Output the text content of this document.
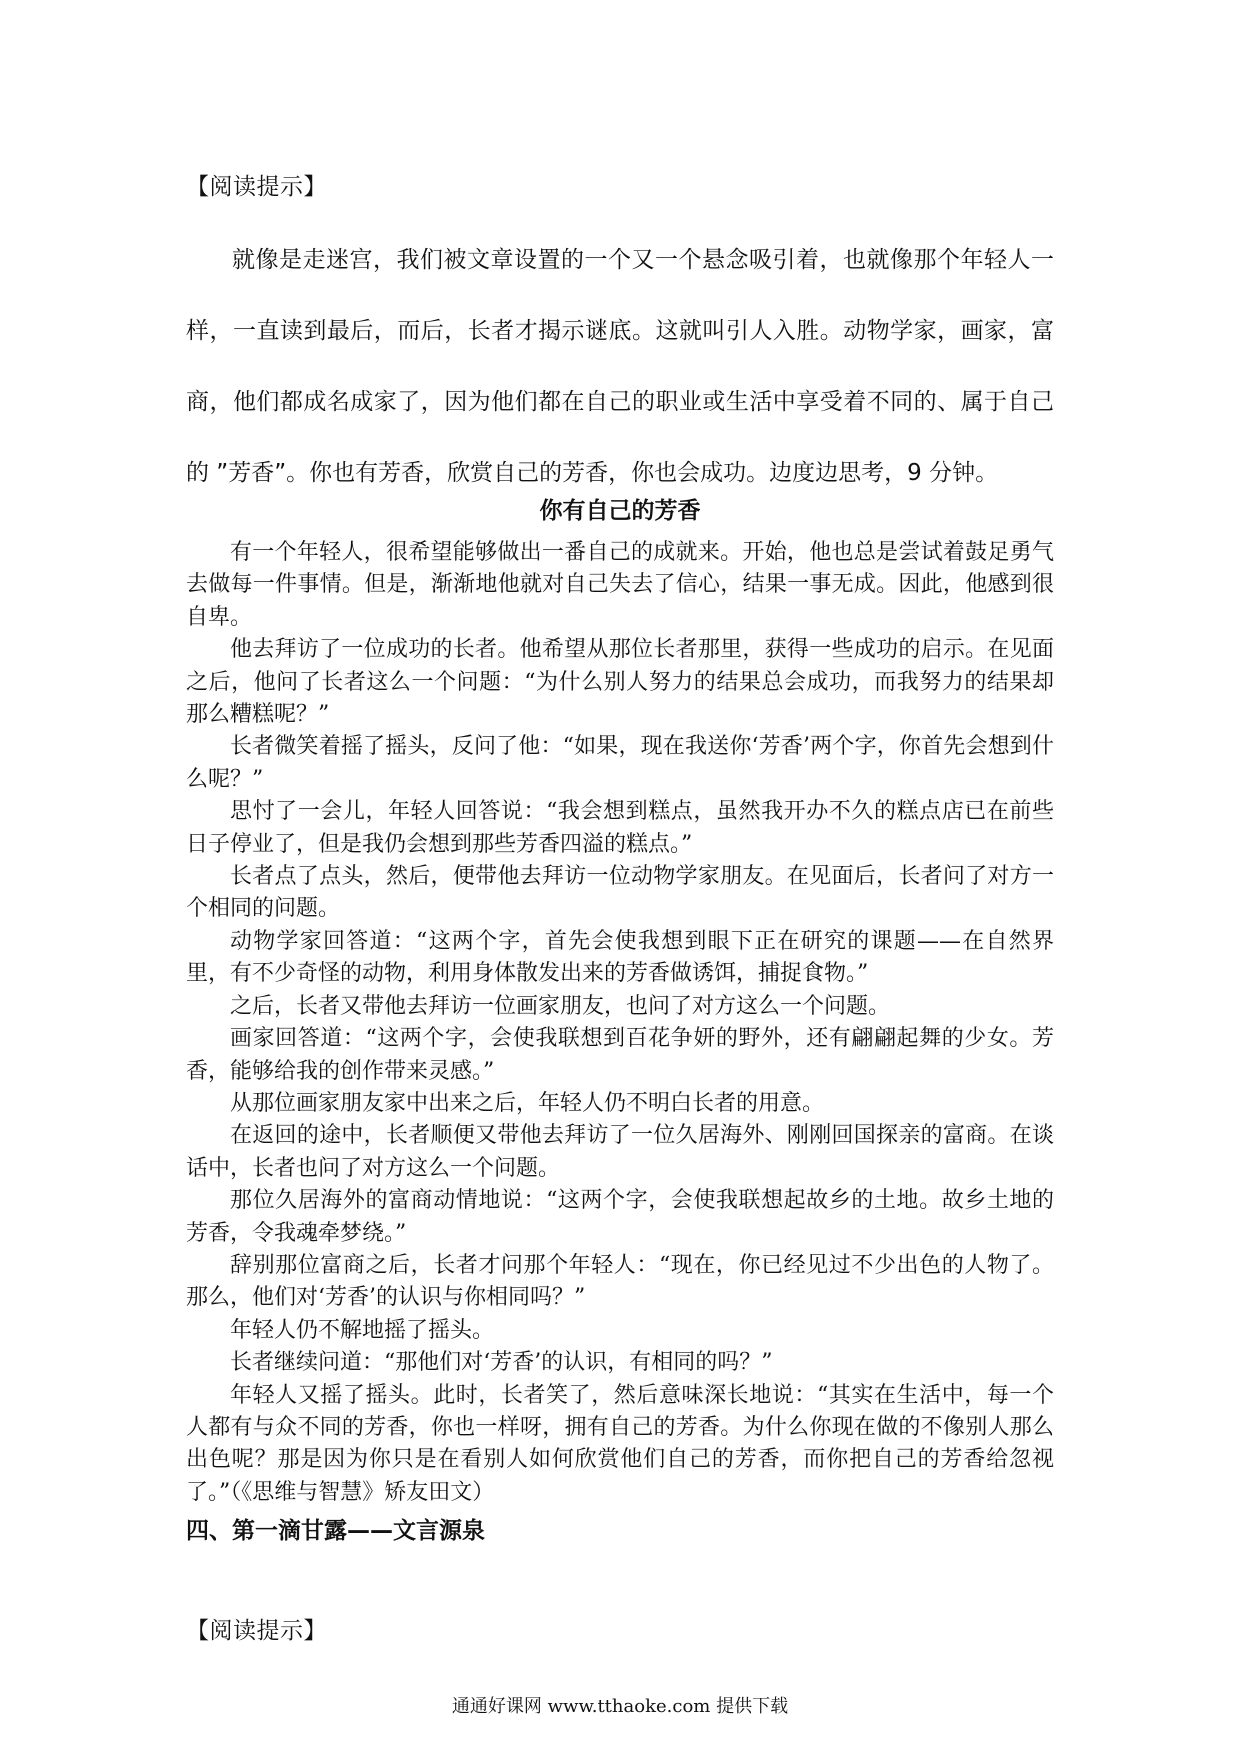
【阅读提示】

就像是走迷宫，我们被文章设置的一个又一个悬念吸引着，也就像那个年轻人一样，一直读到最后，而后，长者才揭示谜底。这就叫引人入胜。动物学家，画家，富商，他们都成名成家了，因为他们都在自己的职业或生活中享受着不同的、属于自己的 ”芳香”。你也有芳香，欣赏自己的芳香，你也会成功。边度边思考，9 分钟。

你有自己的芳香

有一个年轻人，很希望能够做出一番自己的成就来。开始，他也总是尝试着鼓足勇气去做每一件事情。但是，渐渐地他就对自己失去了信心，结果一事无成。因此，他感到很自卑。

他去拜访了一位成功的长者。他希望从那位长者那里，获得一些成功的启示。在见面之后，他问了长者这么一个问题：“为什么别人努力的结果总会成功，而我努力的结果却那么糟糕呢？”

长者微笑着摇了摇头，反问了他：“如果，现在我送你‘芳香’两个字，你首先会想到什么呢？”

思忖了一会儿，年轻人回答说：“我会想到糕点，虽然我开办不久的糕点店已在前些日子停业了，但是我仍会想到那些芳香四溢的糕点。”

长者点了点头，然后，便带他去拜访一位动物学家朋友。在见面后，长者问了对方一个相同的问题。

动物学家回答道：“这两个字，首先会使我想到眼下正在研究的课题——在自然界里，有不少奇怪的动物，利用身体散发出来的芳香做诱饵，捕捉食物。”

之后，长者又带他去拜访一位画家朋友，也问了对方这么一个问题。

画家回答道：“这两个字，会使我联想到百花争妍的野外，还有翩翩起舞的少女。芳香，能够给我的创作带来灵感。”

从那位画家朋友家中出来之后，年轻人仍不明白长者的用意。

在返回的途中，长者顺便又带他去拜访了一位久居海外、刚刚回国探亲的富商。在谈话中，长者也问了对方这么一个问题。

那位久居海外的富商动情地说：“这两个字，会使我联想起故乡的土地。故乡土地的芳香，令我魂牵梦绕。”

辞别那位富商之后，长者才问那个年轻人：“现在，你已经见过不少出色的人物了。那么，他们对‘芳香’的认识与你相同吗？”

年轻人仍不解地摇了摇头。

长者继续问道：“那他们对‘芳香’的认识，有相同的吗？”

年轻人又摇了摇头。此时，长者笑了，然后意味深长地说：“其实在生活中，每一个人都有与众不同的芳香，你也一样呀，拥有自己的芳香。为什么你现在做的不像别人那么出色呢？那是因为你只是在看别人如何欣赏他们自己的芳香，而你把自己的芳香给忽视了。”（《思维与智慧》矫友田文）

四、第一滴甘露——文言源泉
【阅读提示】
通通好课网 www.tthaoke.com 提供下载
